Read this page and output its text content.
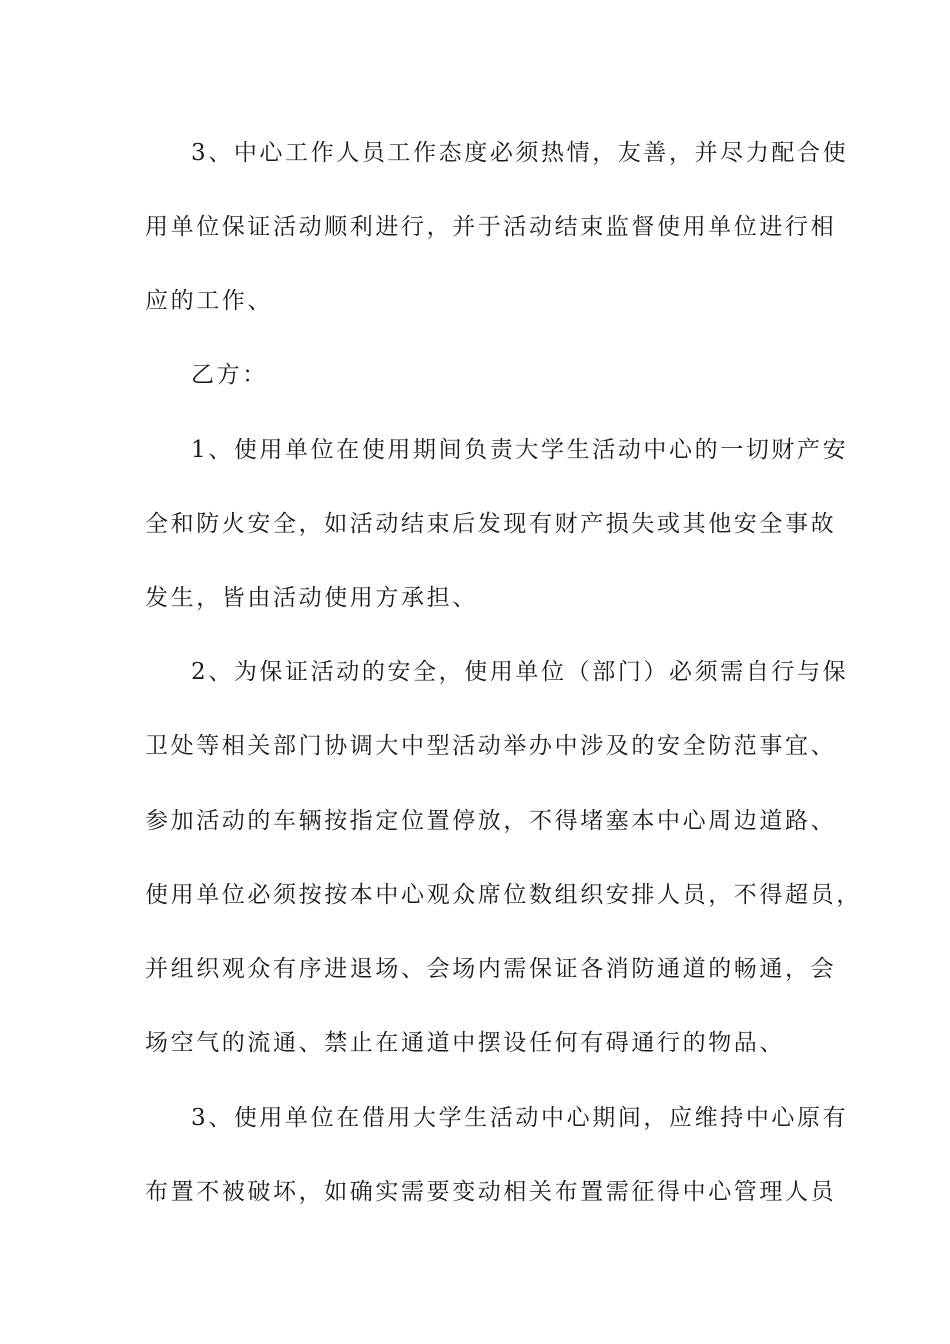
3、中心工作人员工作态度必须热情，友善，并尽力配合使
用单位保证活动顺利进行，并于活动结束监督使用单位进行相
应的工作、
乙方：
1、使用单位在使用期间负责大学生活动中心的一切财产安
全和防火安全，如活动结束后发现有财产损失或其他安全事故
发生，皆由活动使用方承担、
2、为保证活动的安全，使用单位（部门）必须需自行与保
卫处等相关部门协调大中型活动举办中涉及的安全防范事宜、
参加活动的车辆按指定位置停放，不得堵塞本中心周边道路、
使用单位必须按按本中心观众席位数组织安排人员，不得超员，
并组织观众有序进退场、会场内需保证各消防通道的畅通，会
场空气的流通、禁止在通道中摆设任何有碍通行的物品、
3、使用单位在借用大学生活动中心期间，应维持中心原有
布置不被破坏，如确实需要变动相关布置需征得中心管理人员
